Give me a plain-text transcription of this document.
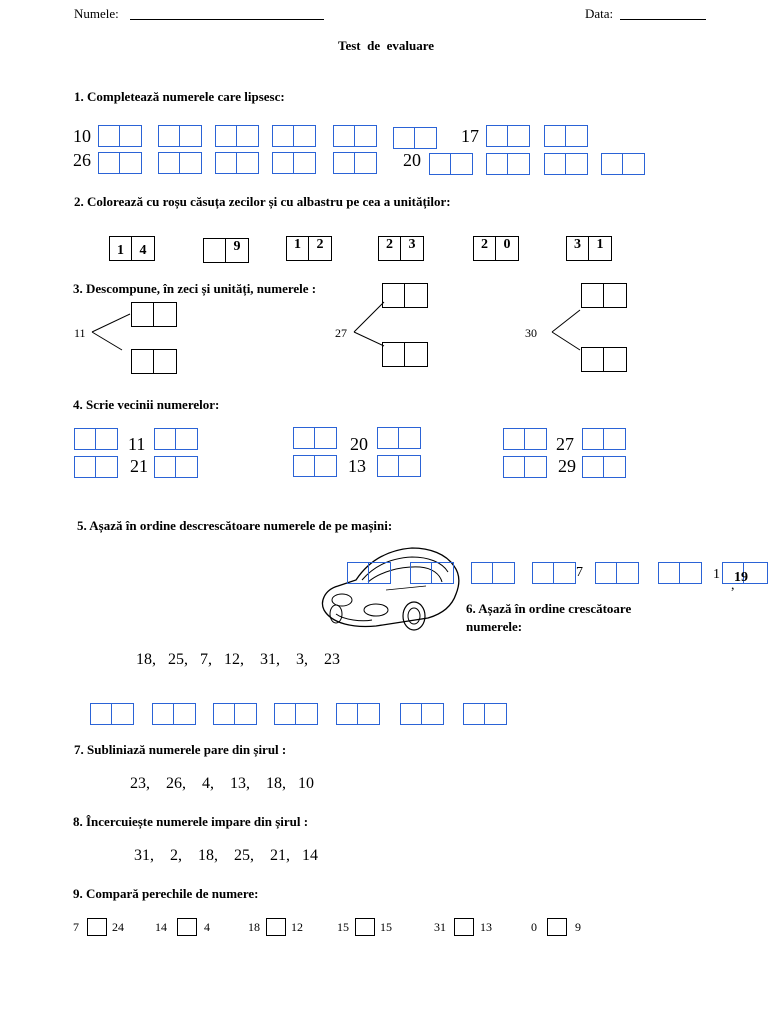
Numele:	Data:
Test  de  evaluare
1. Completează numerele care lipsesc:
10	17
26	20
2. Colorează cu roșu căsuța zecilor și cu albastru pe cea a unităților:
1	4	9	1	2	2	3	2	0	3	1
3. Descompune, în zeci și unități, numerele :
11	27	30
4. Scrie vecinii numerelor:
11
21
20
13
27
29
5. Așază în ordine descrescătoare numerele de pe mașini:
7	1
,
19
6. Așază în ordine crescătoare
numerele:
18,   25,   7,   12,    31,    3,    23
7. Subliniază numerele pare din șirul :
23,    26,    4,    13,    18,   10
8. Încercuiește numerele impare din șirul :
31,    2,    18,    25,    21,   14
9. Compară perechile de numere:
7	24	14	4	18	12	15	15	31	13	0	9
